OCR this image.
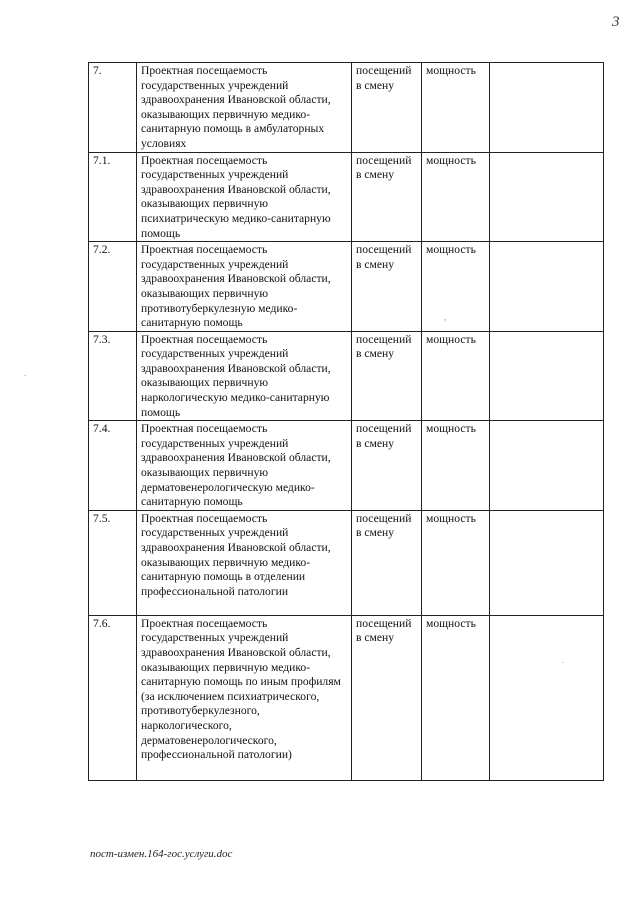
3
7.	Проектная посещаемость государственных учреждений здравоохранения Ивановской области, оказывающих первичную медико-санитарную помощь в амбулаторных условиях	посещений в смену	мощность	
7.1.	Проектная посещаемость государственных учреждений здравоохранения Ивановской области, оказывающих первичную психиатрическую медико-санитарную помощь	посещений в смену	мощность	
7.2.	Проектная посещаемость государственных учреждений здравоохранения Ивановской области, оказывающих первичную противотуберкулезную медико-санитарную помощь	посещений в смену	мощность	
7.3.	Проектная посещаемость государственных учреждений здравоохранения Ивановской области, оказывающих первичную наркологическую медико-санитарную помощь	посещений в смену	мощность	
7.4.	Проектная посещаемость государственных учреждений здравоохранения Ивановской области, оказывающих первичную дерматовенерологическую медико-санитарную помощь	посещений в смену	мощность	
7.5.	Проектная посещаемость государственных учреждений здравоохранения Ивановской области, оказывающих первичную медико-санитарную помощь в отделении профессиональной патологии	посещений в смену	мощность	
7.6.	Проектная посещаемость государственных учреждений здравоохранения Ивановской области, оказывающих первичную медико-санитарную помощь по иным профилям (за исключением психиатрического, противотуберкулезного, наркологического, дерматовенерологического, профессиональной патологии)	посещений в смену	мощность	
,
.
.
пост-измен.164-гос.услуги.doc
